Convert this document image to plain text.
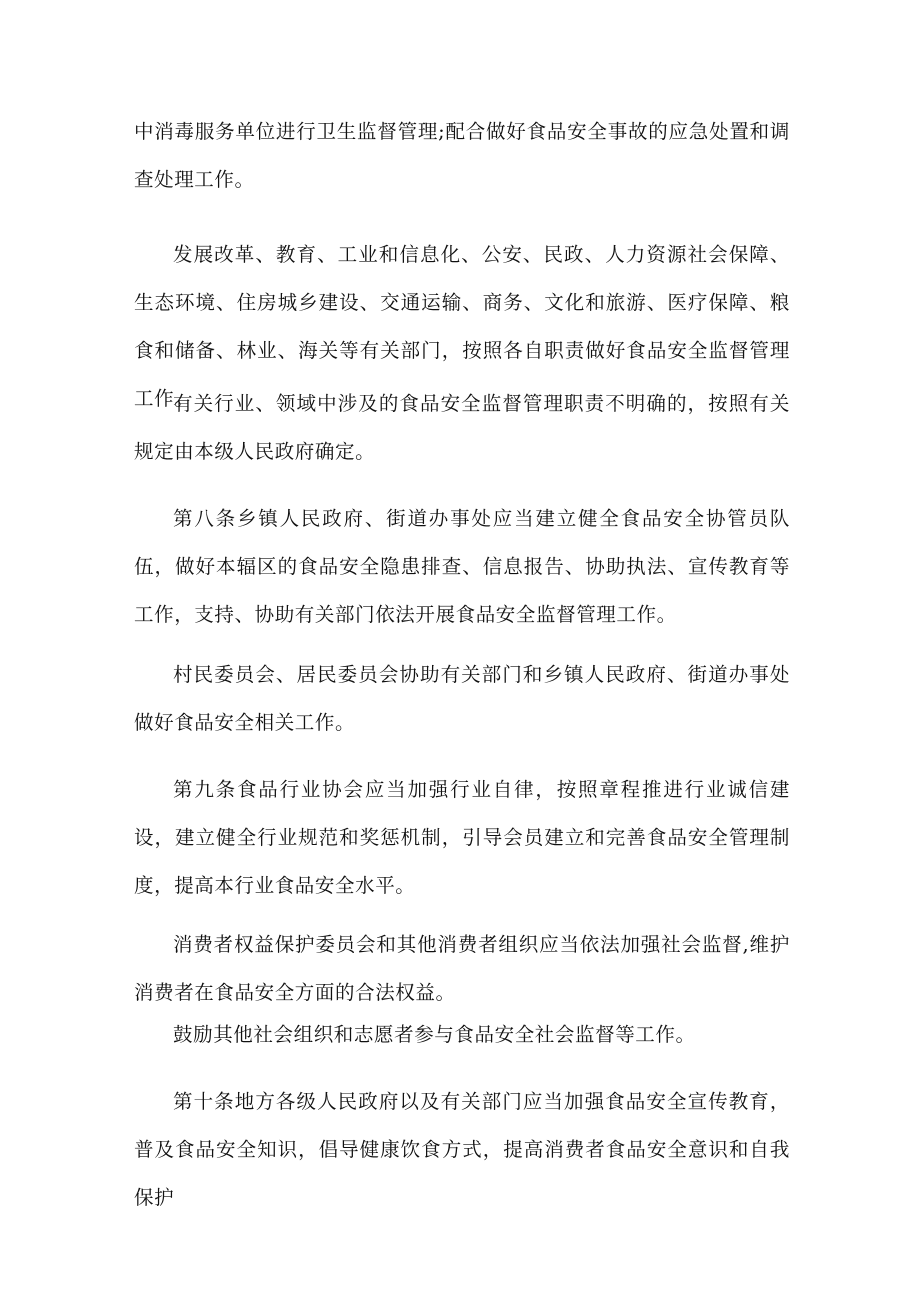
中消毒服务单位进行卫生监督管理;配合做好食品安全事故的应急处置和调查处理工作。

发展改革、教育、工业和信息化、公安、民政、人力资源社会保障、生态环境、住房城乡建设、交通运输、商务、文化和旅游、医疗保障、粮食和储备、林业、海关等有关部门，按照各自职责做好食品安全监督管理工作。

有关行业、领域中涉及的食品安全监督管理职责不明确的，按照有关规定由本级人民政府确定。

第八条乡镇人民政府、街道办事处应当建立健全食品安全协管员队伍，做好本辐区的食品安全隐患排查、信息报告、协助执法、宣传教育等工作，支持、协助有关部门依法开展食品安全监督管理工作。

村民委员会、居民委员会协助有关部门和乡镇人民政府、街道办事处做好食品安全相关工作。

第九条食品行业协会应当加强行业自律，按照章程推进行业诚信建设，建立健全行业规范和奖惩机制，引导会员建立和完善食品安全管理制度，提高本行业食品安全水平。

消费者权益保护委员会和其他消费者组织应当依法加强社会监督,维护消费者在食品安全方面的合法权益。

鼓励其他社会组织和志愿者参与食品安全社会监督等工作。

第十条地方各级人民政府以及有关部门应当加强食品安全宣传教育，普及食品安全知识，倡导健康饮食方式，提高消费者食品安全意识和自我保护
